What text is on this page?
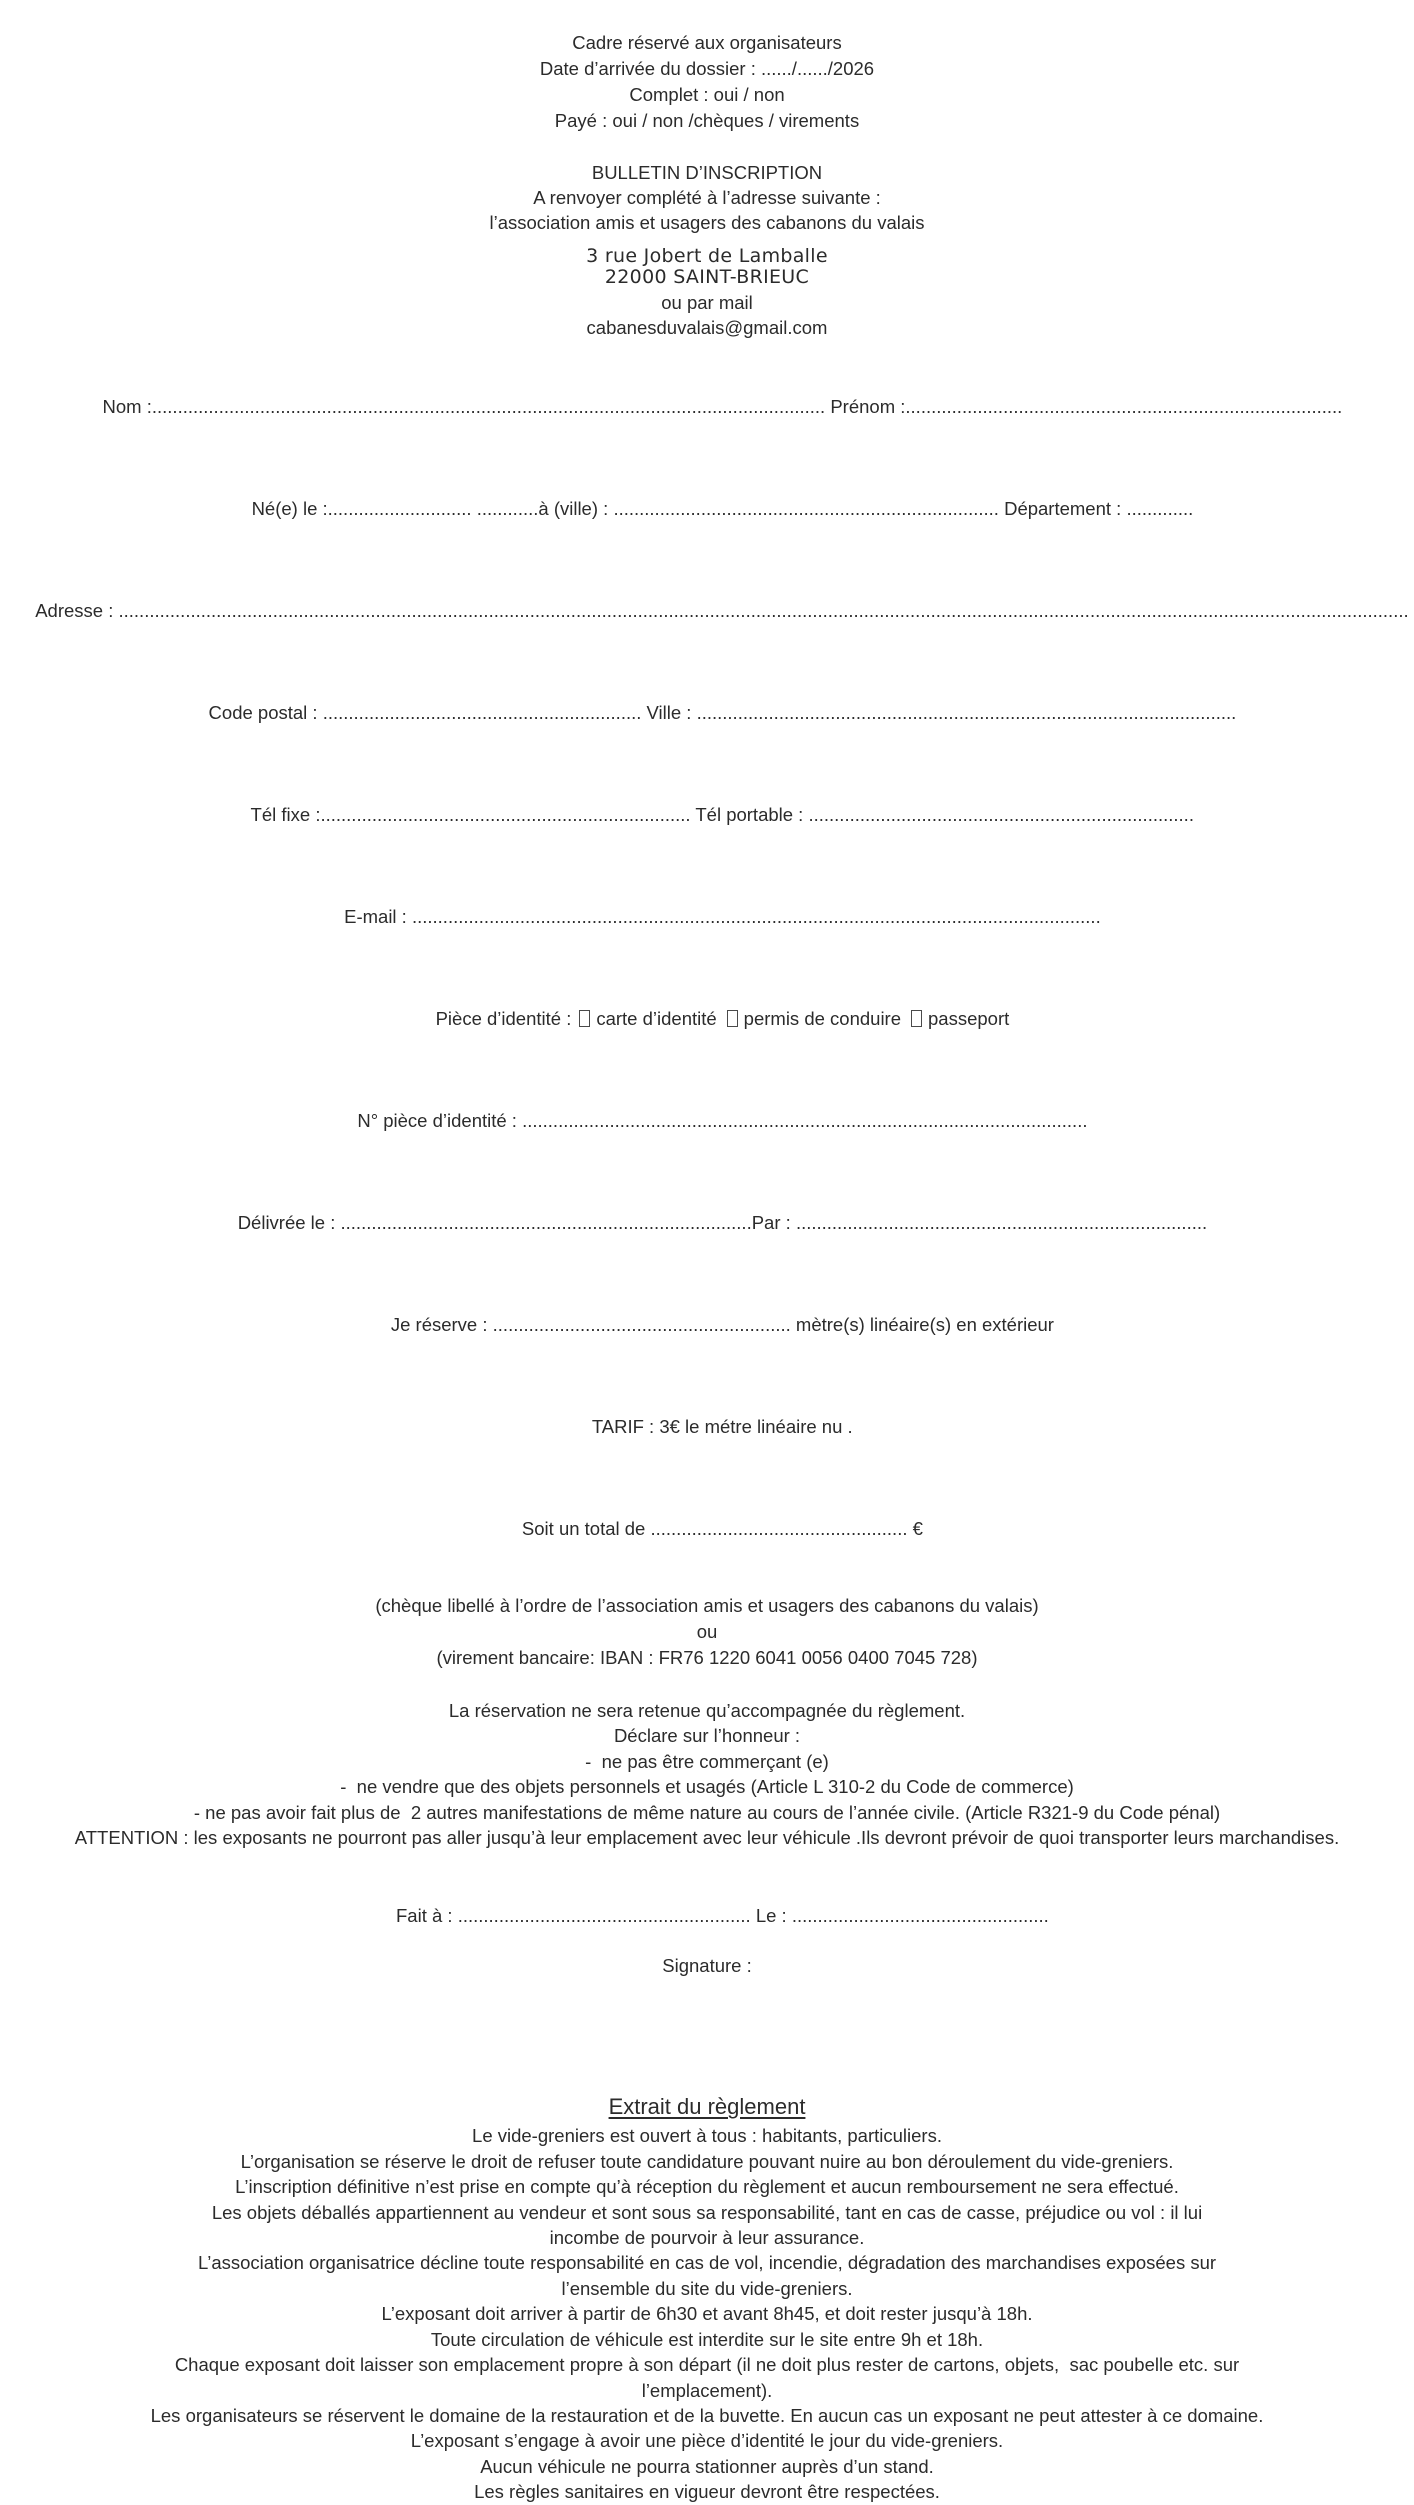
Cadre réservé aux organisateurs
Date d’arrivée du dossier : ....../....../2026
Complet : oui / non
Payé : oui / non /chèques / virements
BULLETIN D’INSCRIPTION
A renvoyer complété à l’adresse suivante :
l’association amis et usagers des cabanons du valais
3 rue Jobert de Lamballe
22000 SAINT-BRIEUC
ou par mail
cabanesduvalais@gmail.com

Nom :................................................................................................................................... Prénom :.....................................................................................

Né(e) le :............................ ............à (ville) : ........................................................................... Département : .............

Adresse : ...........................................................................................................................................................................................................................................................

Code postal : .............................................................. Ville : .........................................................................................................

Tél fixe :........................................................................ Tél portable : ...........................................................................

E-mail : ......................................................................................................................................

Pièce d’identité : carte d’identité permis de conduire passeport

N° pièce d’identité : ..............................................................................................................

Délivrée le : ................................................................................Par : ................................................................................

Je réserve : .......................................................... mètre(s) linéaire(s) en extérieur

TARIF : 3€ le métre linéaire nu .

Soit un total de .................................................. €

(chèque libellé à l’ordre de l’association amis et usagers des cabanons du valais)
ou
(virement bancaire: IBAN : FR76 1220 6041 0056 0400 7045 728)
La réservation ne sera retenue qu’accompagnée du règlement.
Déclare sur l’honneur :
-  ne pas être commerçant (e)
-  ne vendre que des objets personnels et usagés (Article L 310-2 du Code de commerce)
- ne pas avoir fait plus de  2 autres manifestations de même nature au cours de l’année civile. (Article R321-9 du Code pénal)
ATTENTION : les exposants ne pourront pas aller jusqu’à leur emplacement avec leur véhicule .Ils devront prévoir de quoi transporter leurs marchandises.

Fait à : ......................................................... Le : ..................................................

Signature :
Extrait du règlement
Le vide-greniers est ouvert à tous : habitants, particuliers.
L’organisation se réserve le droit de refuser toute candidature pouvant nuire au bon déroulement du vide-greniers.
L’inscription définitive n’est prise en compte qu’à réception du règlement et aucun remboursement ne sera effectué.
Les objets déballés appartiennent au vendeur et sont sous sa responsabilité, tant en cas de casse, préjudice ou vol : il lui
incombe de pourvoir à leur assurance.
L’association organisatrice décline toute responsabilité en cas de vol, incendie, dégradation des marchandises exposées sur
l’ensemble du site du vide-greniers.
L’exposant doit arriver à partir de 6h30 et avant 8h45, et doit rester jusqu’à 18h.
Toute circulation de véhicule est interdite sur le site entre 9h et 18h.
Chaque exposant doit laisser son emplacement propre à son départ (il ne doit plus rester de cartons, objets,  sac poubelle etc. sur
l’emplacement).
Les organisateurs se réservent le domaine de la restauration et de la buvette. En aucun cas un exposant ne peut attester à ce domaine.
L’exposant s’engage à avoir une pièce d’identité le jour du vide-greniers.
Aucun véhicule ne pourra stationner auprès d’un stand.
Les règles sanitaires en vigueur devront être respectées.
